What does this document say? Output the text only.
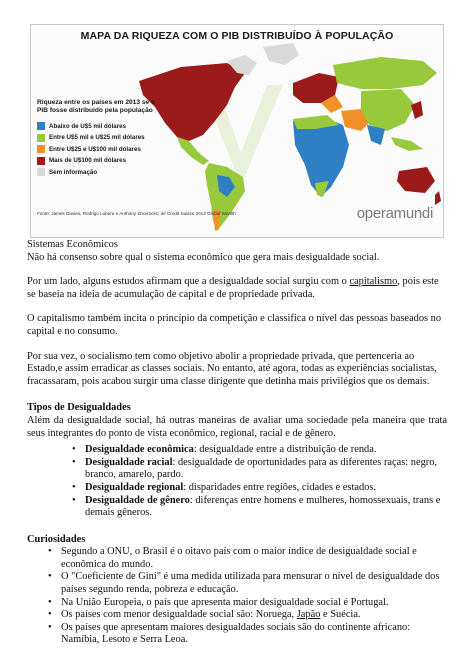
MAPA DA RIQUEZA COM O PIB DISTRIBUÍDO À POPULAÇÃO
Riqueza entre os países em 2013 se o PIB fosse distribuído pela população
Abaixo de U$5 mil dólares
Entre U$5 mil e U$25 mil dólares
Entre U$25 e U$100 mil dólares
Mais de U$100 mil dólares
Sem informação
Fonte: James Davies, Rodrigo Lubera e Anthony Shorrocks, de Credit Suisse 2013 Global Wealth	operamundi

Sistemas Econômicos

Não há consenso sobre qual o sistema econômico que gera mais desigualdade social.

Por um lado, alguns estudos afirmam que a desigualdade social surgiu com o capitalismo, pois este se baseia na ideia de acumulação de capital e de propriedade privada.

O capitalismo também incita o princípio da competição e classifica o nível das pessoas baseados no capital e no consumo.

Por sua vez, o socialismo tem como objetivo abolir a propriedade privada, que pertenceria ao Estado,e assim erradicar as classes sociais. No entanto, até agora, todas as experiências socialistas, fracassaram, pois acabou surgir uma classe dirigente que detinha mais privilégios que os demais.

Tipos de Desigualdades

Além da desigualdade social, há outras maneiras de avaliar uma sociedade pela maneira que trata seus integrantes do ponto de vista econômico, regional, racial e de gênero.

• Desigualdade econômica: desigualdade entre a distribuição de renda.
• Desigualdade racial: desigualdade de oportunidades para as diferentes raças: negro, branco, amarelo, pardo.
• Desigualdade regional: disparidades entre regiões, cidades e estados.
• Desigualdade de gênero: diferenças entre homens e mulheres, homossexuais, trans e demais gêneros.

Curiosidades

• Segundo a ONU, o Brasil é o oitavo país com o maior índice de desigualdade social e econômica do mundo.
• O "Coeficiente de Gini" é uma medida utilizada para mensurar o nível de desigualdade dos países segundo renda, pobreza e educação.
• Na União Europeia, o país que apresenta maior desigualdade social é Portugal.
• Os países com menor desigualdade social são: Noruega, Japão e Suécia.
• Os países que apresentam maiores desigualdades sociais são do continente africano: Namíbia, Lesoto e Serra Leoa.
